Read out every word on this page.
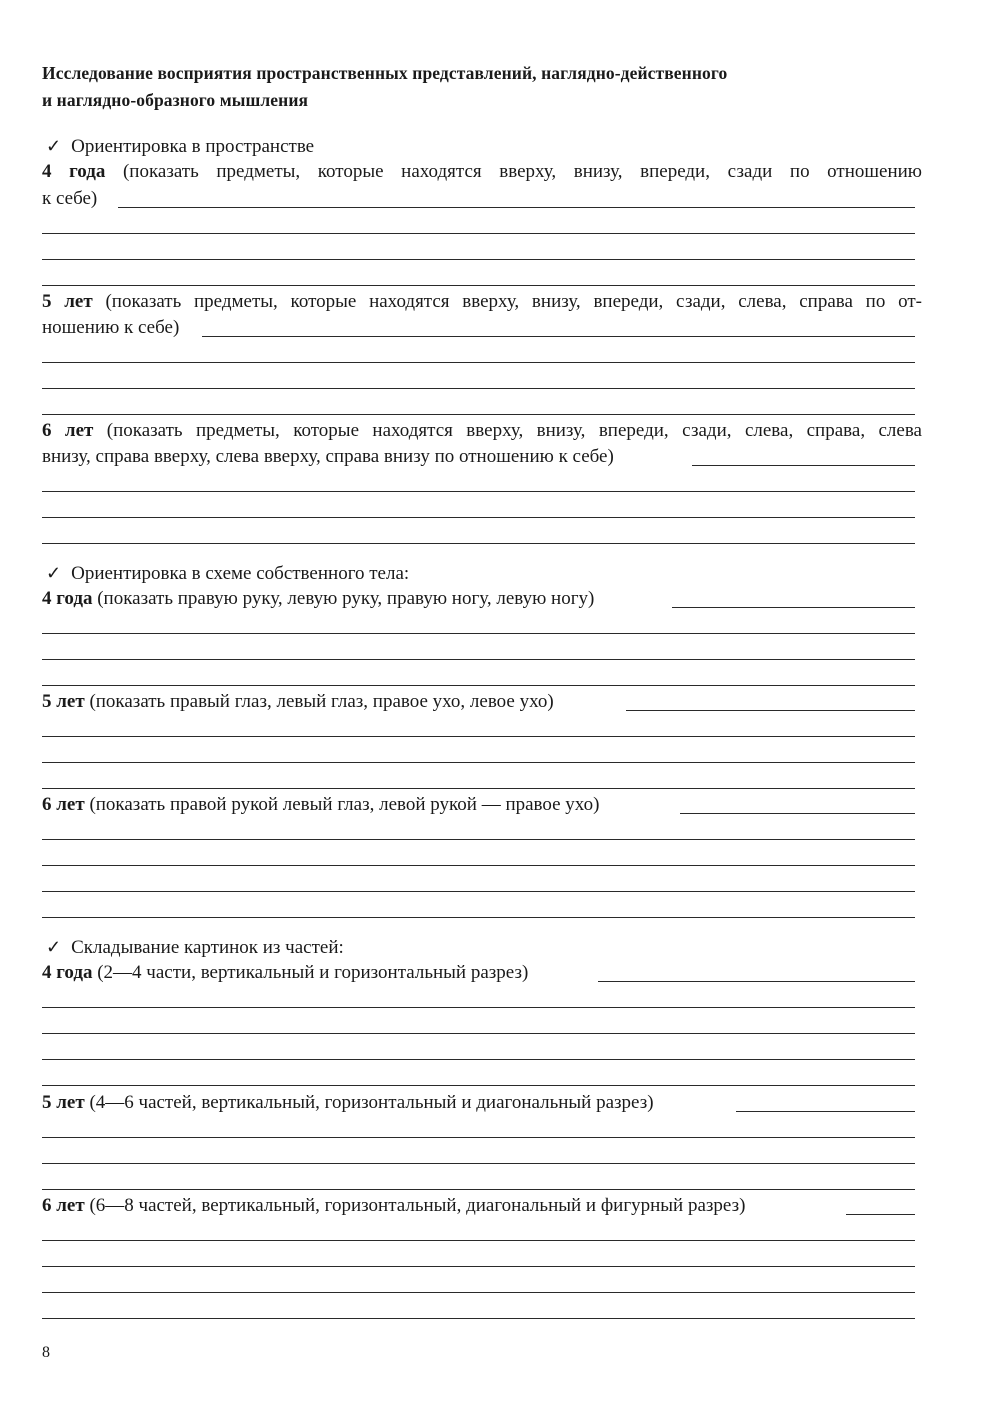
Исследование восприятия пространственных представлений, наглядно-действенного
и наглядно-образного мышления
✓ Ориентировка в пространстве
4 года (показать предметы, которые находятся вверху, внизу, впереди, сзади по отношению
к себе)
5 лет (показать предметы, которые находятся вверху, внизу, впереди, сзади, слева, справа по от-
ношению к себе)
6 лет (показать предметы, которые находятся вверху, внизу, впереди, сзади, слева, справа, слева
внизу, справа вверху, слева вверху, справа внизу по отношению к себе)
✓ Ориентировка в схеме собственного тела:
4 года (показать правую руку, левую руку, правую ногу, левую ногу)
5 лет (показать правый глаз, левый глаз, правое ухо, левое ухо)
6 лет (показать правой рукой левый глаз, левой рукой — правое ухо)
✓ Складывание картинок из частей:
4 года (2—4 части, вертикальный и горизонтальный разрез)
5 лет (4—6 частей, вертикальный, горизонтальный и диагональный разрез)
6 лет (6—8 частей, вертикальный, горизонтальный, диагональный и фигурный разрез)
8
